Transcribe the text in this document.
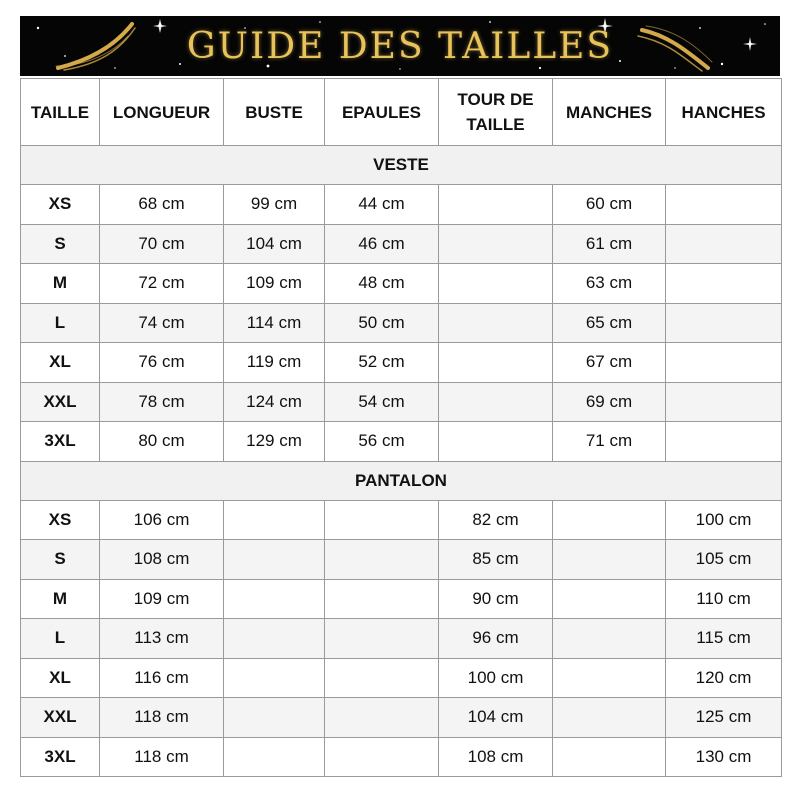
GUIDE DES TAILLES
TAILLE	LONGUEUR	BUSTE	EPAULES	TOUR DE TAILLE	MANCHES	HANCHES
VESTE						
XS	68 cm	99 cm	44 cm		60 cm	
S	70 cm	104 cm	46 cm		61 cm	
M	72 cm	109 cm	48 cm		63 cm	
L	74 cm	114 cm	50 cm		65 cm	
XL	76 cm	119 cm	52 cm		67 cm	
XXL	78 cm	124 cm	54 cm		69 cm	
3XL	80 cm	129 cm	56 cm		71 cm	
PANTALON						
XS	106 cm			82 cm		100 cm
S	108 cm			85 cm		105 cm
M	109 cm			90 cm		110 cm
L	113 cm			96 cm		115 cm
XL	116 cm			100 cm		120 cm
XXL	118 cm			104 cm		125 cm
3XL	118 cm			108 cm		130 cm
